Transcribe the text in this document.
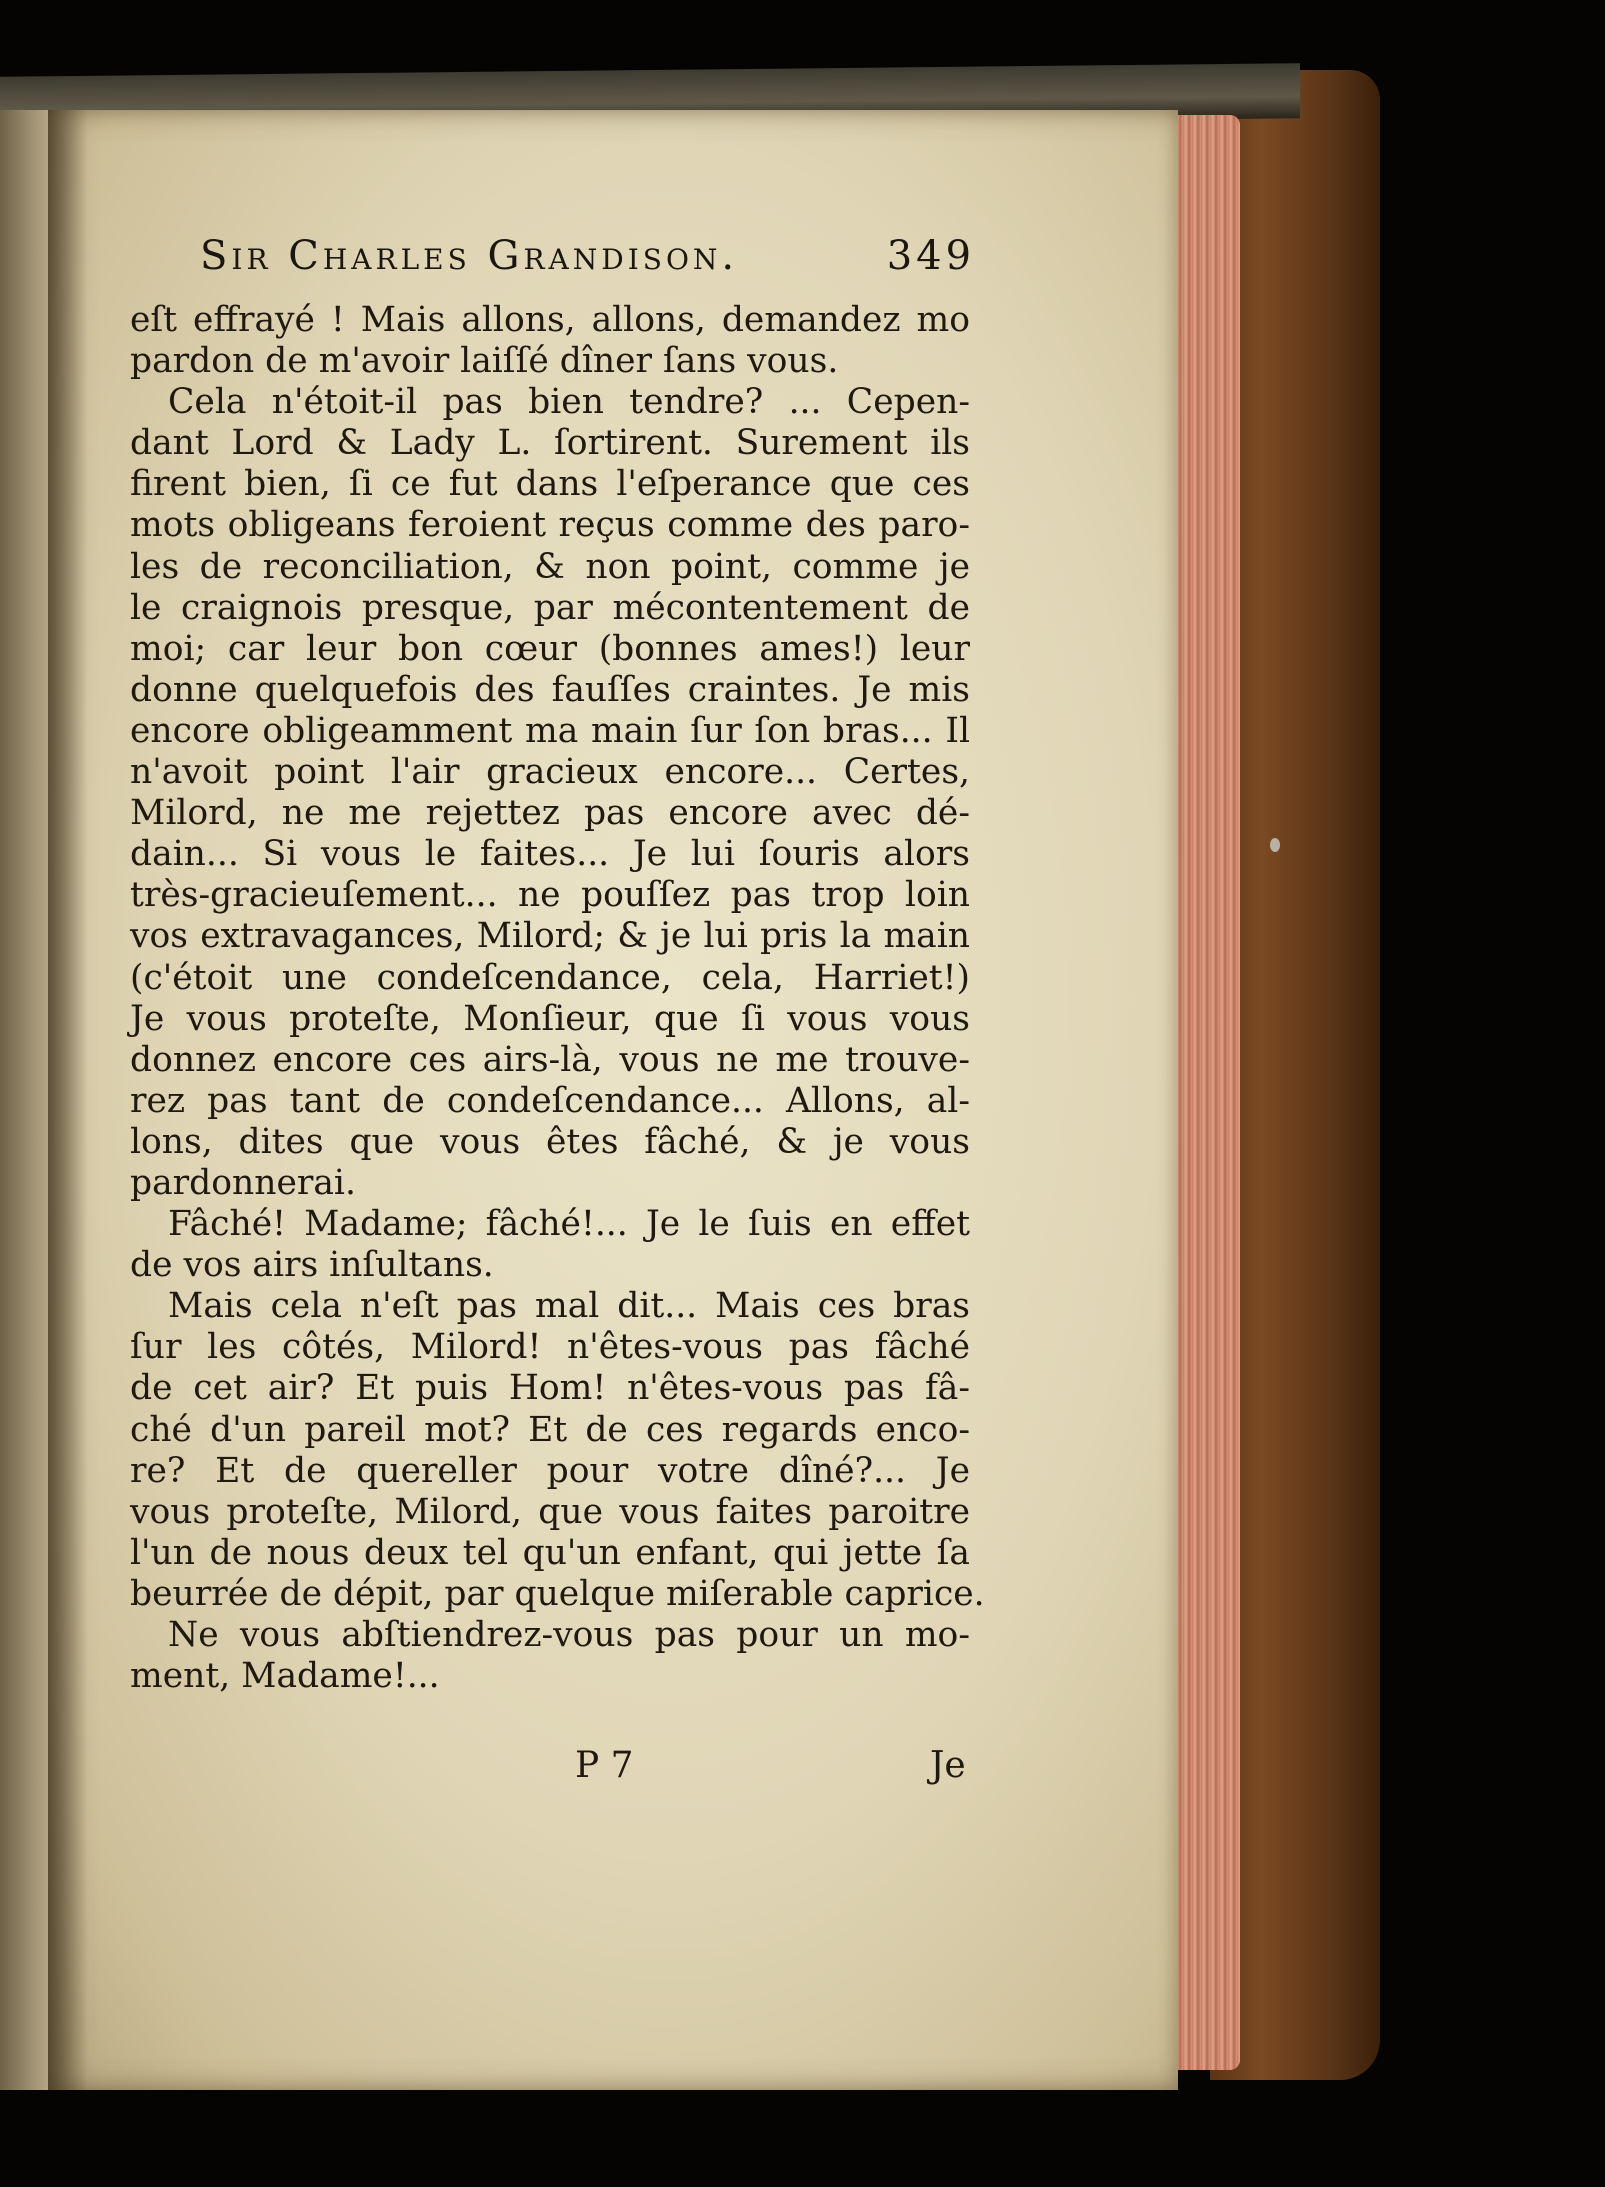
Sir Charles Grandison.	349
eſt effrayé ! Mais allons, allons, demandez mo
pardon de m'avoir laiſſé dîner ſans vous.
Cela n'étoit-il pas bien tendre? ... Cepen-
dant Lord & Lady L. ſortirent. Surement ils
firent bien, ſi ce fut dans l'eſperance que ces
mots obligeans feroient reçus comme des paro-
les de reconciliation, & non point, comme je
le craignois presque, par mécontentement de
moi; car leur bon cœur (bonnes ames!) leur
donne quelquefois des fauſſes craintes. Je mis
encore obligeamment ma main ſur ſon bras... Il
n'avoit point l'air gracieux encore... Certes,
Milord, ne me rejettez pas encore avec dé-
dain... Si vous le faites... Je lui ſouris alors
très-gracieuſement... ne pouſſez pas trop loin
vos extravagances, Milord; & je lui pris la main
(c'étoit une condeſcendance, cela, Harriet!)
Je vous proteſte, Monſieur, que ſi vous vous
donnez encore ces airs-là, vous ne me trouve-
rez pas tant de condeſcendance... Allons, al-
lons, dites que vous êtes fâché, & je vous
pardonnerai.
Fâché! Madame; fâché!... Je le ſuis en effet
de vos airs inſultans.
Mais cela n'eſt pas mal dit... Mais ces bras
ſur les côtés, Milord! n'êtes-vous pas fâché
de cet air? Et puis Hom! n'êtes-vous pas fâ-
ché d'un pareil mot? Et de ces regards enco-
re? Et de quereller pour votre dîné?... Je
vous proteſte, Milord, que vous faites paroitre
l'un de nous deux tel qu'un enfant, qui jette ſa
beurrée de dépit, par quelque miſerable caprice.
Ne vous abſtiendrez-vous pas pour un mo-
ment, Madame!...
P 7	Je
